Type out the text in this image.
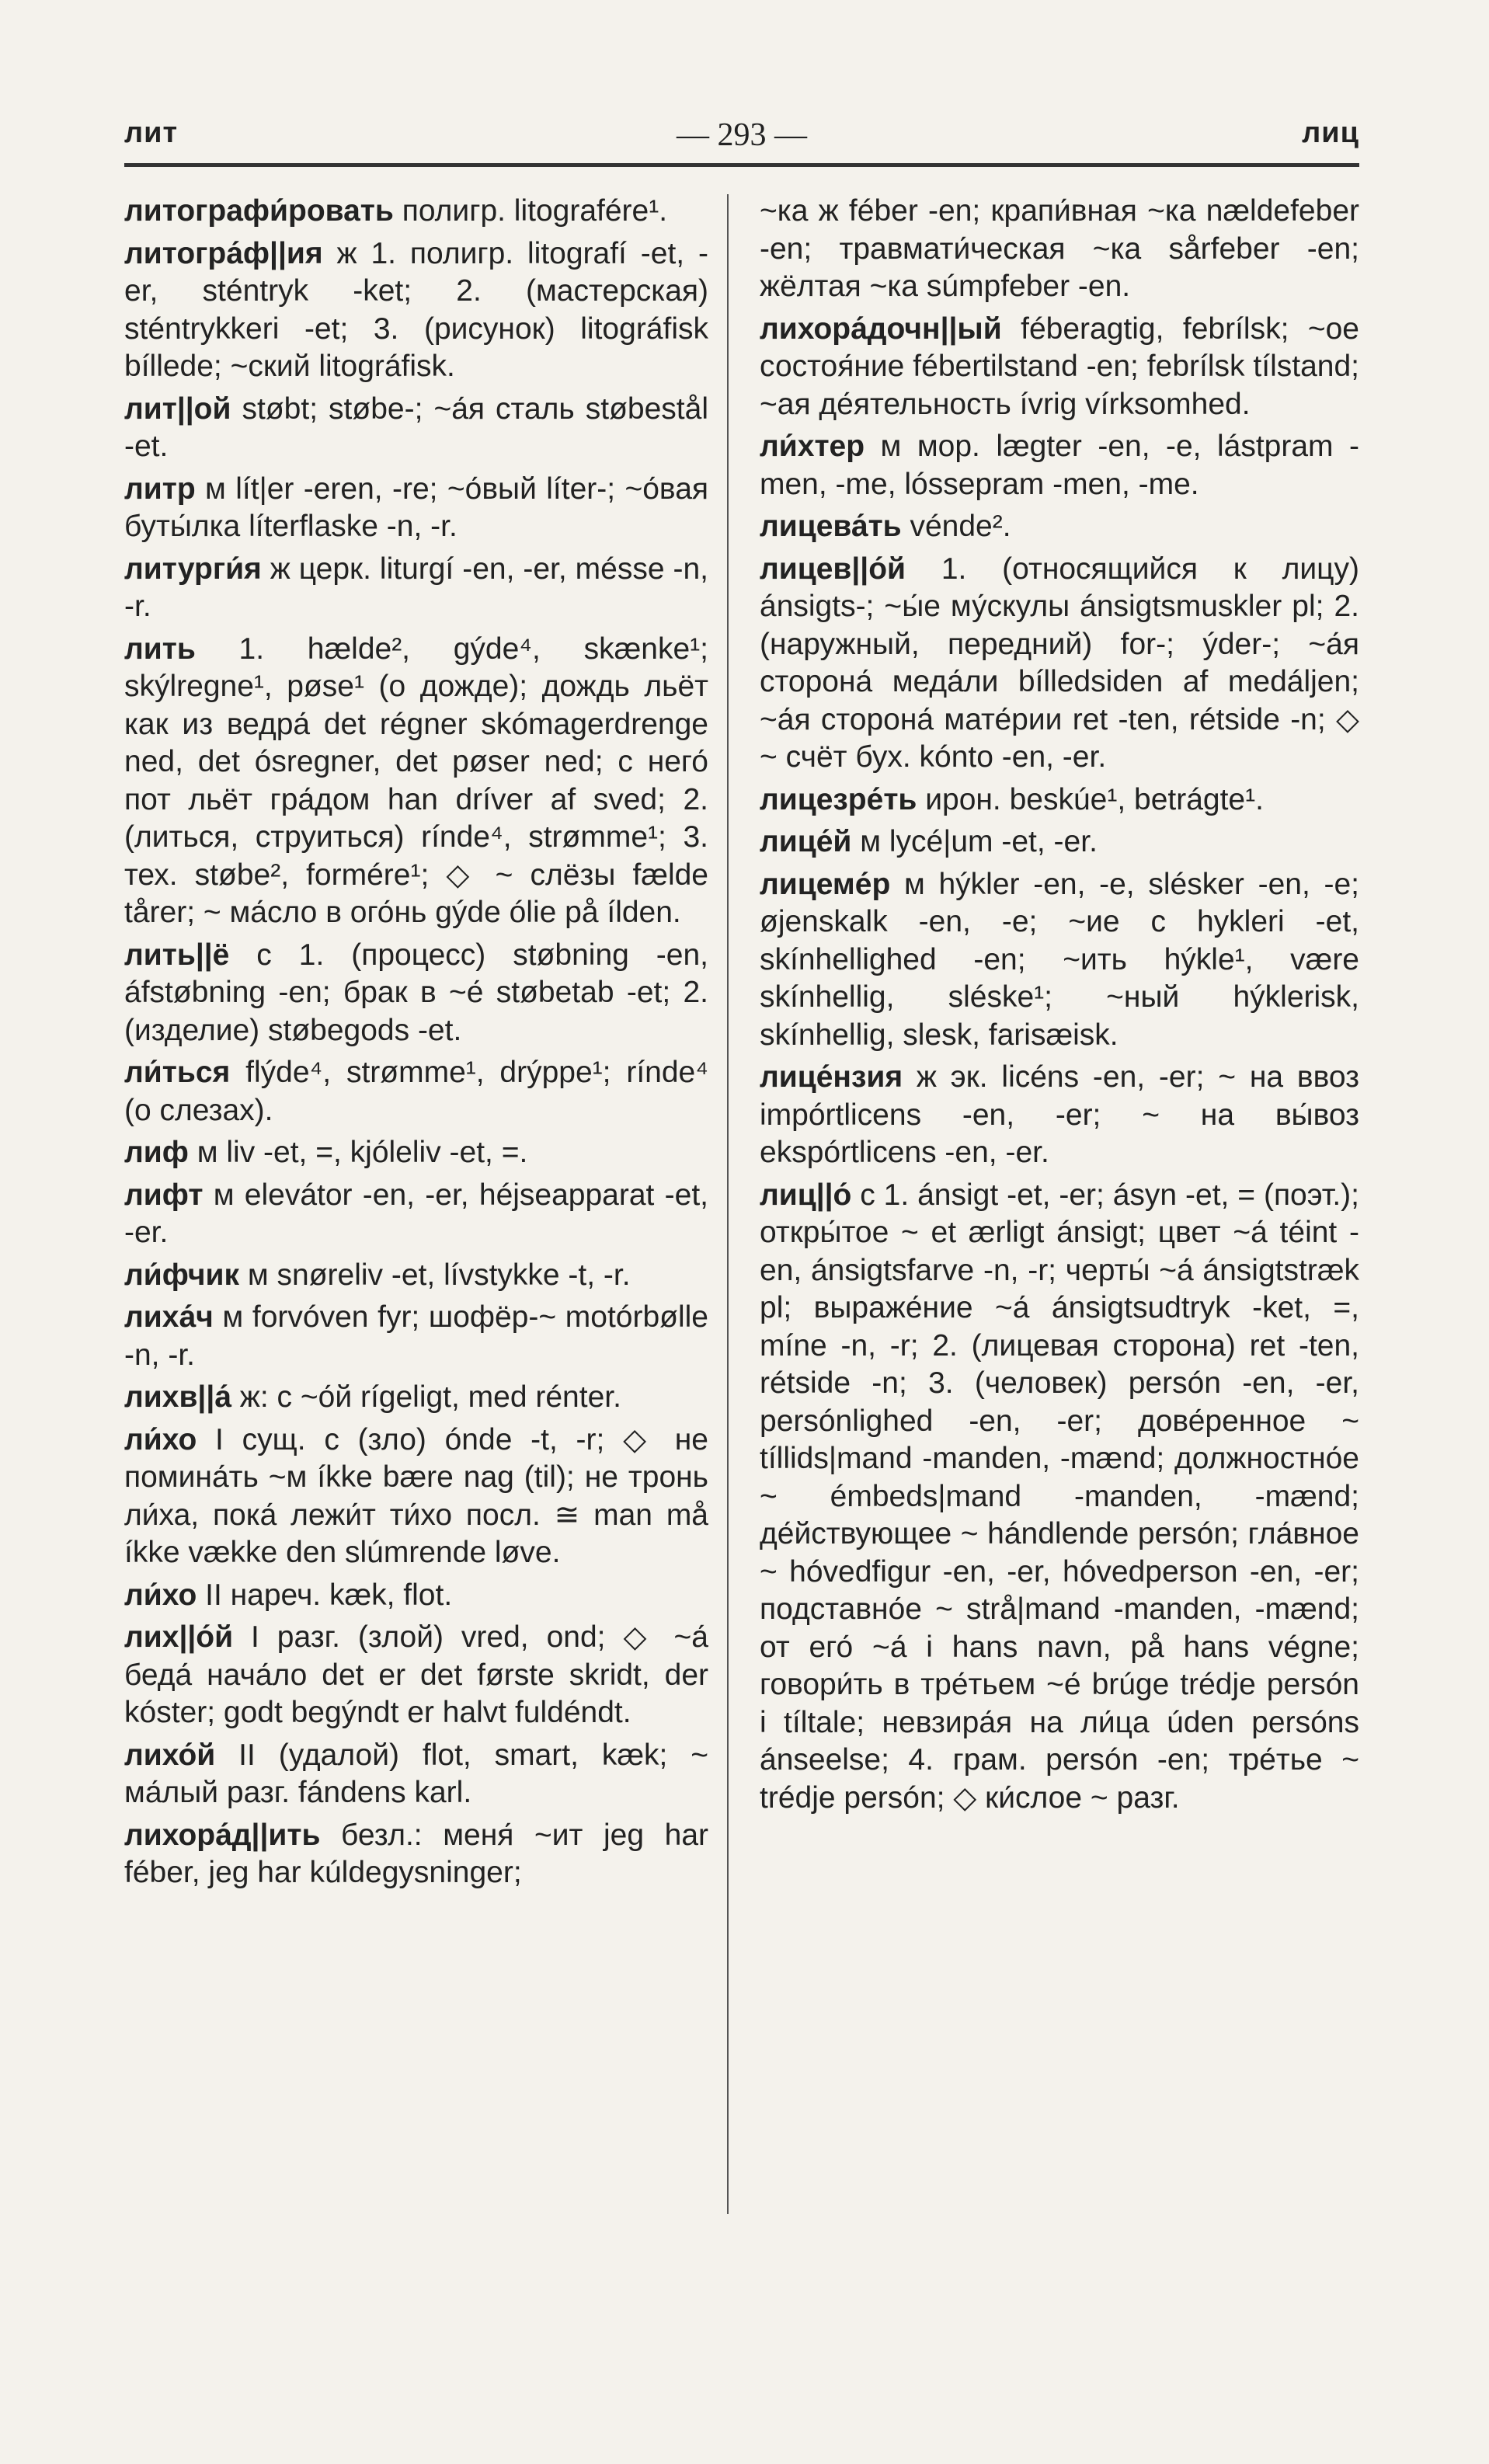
лит	— 293 —	лиц
литографи́ровать полигр. litograférе¹.
литогра́ф||ия ж 1. полигр. litografí -et, -er, sténtryk -ket; 2. (мастерская) sténtrykkeri -et; 3. (рисунок) litográfisk bílledе; ~ский litográfisk.
лит||ой støbt; støbe-; ~а́я сталь støbestål -et.
литр м lít|er -eren, -re; ~о́вый líter-; ~о́вая буты́лка líterflaske -n, -r.
литурги́я ж церк. liturgí -en, -er, mésse -n, -r.
лить 1. hælde², gýde⁴, skænke¹; skýlregne¹, pøse¹ (о дожде); дождь льёт как из ведра́ det régner skómagerdrenge ned, det ósregner, det pøser ned; с него́ пот льёт гра́дом han dríver af sved; 2. (литься, струиться) rínde⁴, strømme¹; 3. тех. støbe², formére¹; ◇ ~ слёзы fælde tårer; ~ ма́сло в ого́нь gýde ólie på ílden.
лить||ё с 1. (процесс) støbning -en, áfstøbning -en; брак в ~е́ støbetab -et; 2. (изделие) støbegods -et.
ли́ться flýde⁴, strømme¹, drýppe¹; rínde⁴ (о слезах).
лиф м liv -et, =, kjóleliv -et, =.
лифт м elevátor -en, -er, héjseapparat -et, -er.
ли́фчик м snøreliv -et, lívstykke -t, -r.
лиха́ч м forvóven fyr; шофёр-~ motórbølle -n, -r.
лихв||а́ ж: с ~о́й rígeligt, med rénter.
ли́хо I сущ. с (зло) ónde -t, -r; ◇ не помина́ть ~м íkke bære nag (til); не тронь ли́ха, пока́ лежи́т ти́хо посл. ≅ man må íkke vække den slúmrende løve.
ли́хо II нареч. kæk, flot.
лих||о́й I разг. (злой) vred, ond; ◇ ~а́ беда́ нача́ло det er det første skridt, der kóster; godt begýndt er halvt fuldéndt.
лихо́й II (удалой) flot, smart, kæk; ~ ма́лый разг. fándens karl.
лихора́д||ить безл.: меня́ ~ит jeg har féber, jeg har kúldegysninger;
~ка ж féber -en; крапи́вная ~ка nældefeber -en; травмати́ческая ~ка sårfeber -en; жёлтая ~ка súmpfeber -en.
лихора́дочн||ый féberagtig, febrílsk; ~ое состоя́ние fébertilstand -en; febrílsk tílstand; ~ая де́ятельность ívrig vírksomhed.
ли́хтер м мор. lægter -en, -e, lástpram -men, -me, lóssepram -men, -me.
лицева́ть vénde².
лицев||о́й 1. (относящийся к лицу) ánsigts-; ~ы́е му́скулы ánsigtsmuskler pl; 2. (наружный, передний) for-; ýder-; ~а́я сторона́ меда́ли bílledsiden af medáljen; ~а́я сторона́ мате́рии ret -ten, rétside -n; ◇ ~ счёт бух. kónto -en, -er.
лицезре́ть ирон. beskúe¹, betrágte¹.
лице́й м lycé|um -et, -er.
лицеме́р м hýkler -en, -e, slésker -en, -e; øjenskalk -en, -e; ~ие с hykleri -et, skínhellighed -en; ~ить hýkle¹, være skínhellig, sléske¹; ~ный hýklerisk, skínhellig, slesk, farisæisk.
лице́нзия ж эк. licéns -en, -er; ~ на ввоз impórtlicens -en, -er; ~ на вы́воз ekspórtlicens -en, -er.
лиц||о́ с 1. ánsigt -et, -er; ásyn -et, = (поэт.); откры́тое ~ et ærligt ánsigt; цвет ~а́ téint -en, ánsigtsfarve -n, -r; черты́ ~а́ ánsigtstræk pl; выраже́ние ~а́ ánsigtsudtryk -ket, =, míne -n, -r; 2. (лицевая сторона) ret -ten, rétside -n; 3. (человек) persón -en, -er, persónlighed -en, -er; дове́ренное ~ tíllids|mand -manden, -mænd; должностно́е ~ émbeds|mand -manden, -mænd; де́йствующее ~ hándlende persón; гла́вное ~ hóvedfigur -en, -er, hóvedperson -en, -er; подставно́е ~ strå|mand -manden, -mænd; от его́ ~а́ i hans navn, på hans végne; говори́ть в тре́тьем ~е́ brúge trédje persón i tíltale; невзира́я на ли́ца úden persóns ánseelse; 4. грам. persón -en; тре́тье ~ trédje persón; ◇ ки́слое ~ разг.
